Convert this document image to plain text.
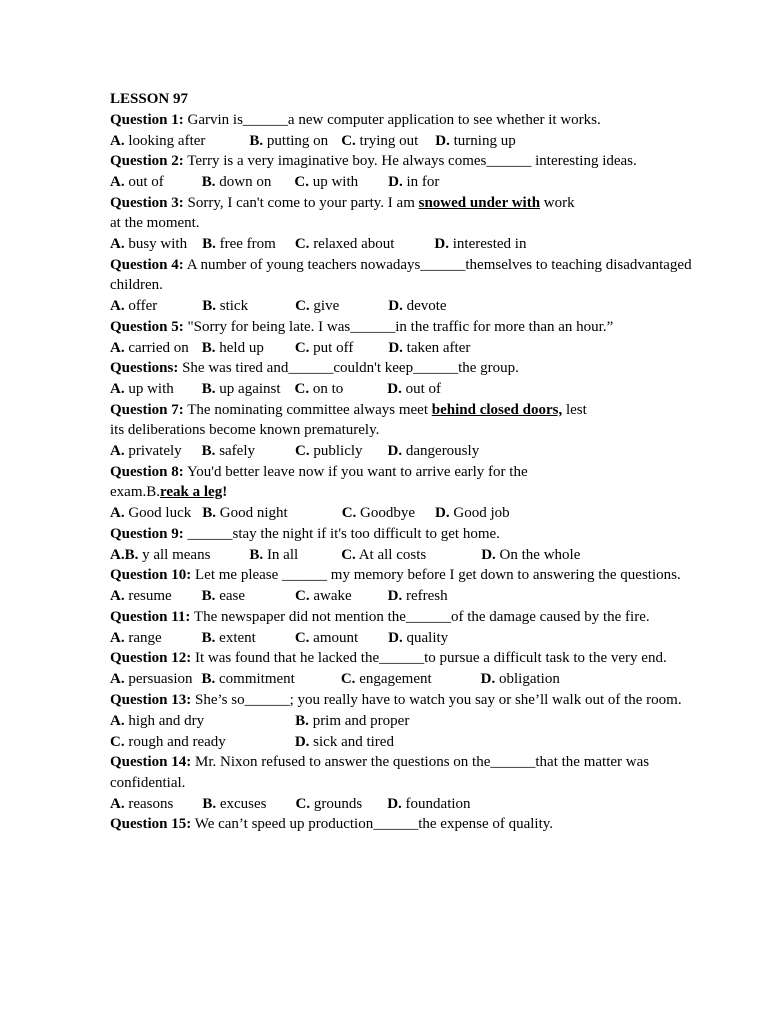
LESSON 97

Question 1: Garvin is______a new computer application to see whether it works.

A. looking after	B. putting on C. trying out D. turning up

Question 2: Terry is a very imaginative boy. He always comes______ interesting ideas.

A. out of	B. down on C. up with D. in for

Question 3: Sorry, I can't come to your party. I am snowed under with work
at the moment.

A. busy with B. free from C. relaxed about	D. interested in

Question 4: A number of young teachers nowadays______themselves to teaching disadvantaged children.

A. offer	B. stick	C. give	D. devote

Question 5: "Sorry for being late. I was______in the traffic for more than an hour.”

A. carried on B. held up C. put off D. taken after

Questions: She was tired and______couldn't keep______the group.

A. up with B. up against C. on to	D. out of

Question 7: The nominating committee always meet behind closed doors, lest
its deliberations become known prematurely.

A. privately B. safely	C. publicly D. dangerously

Question 8: You'd better leave now if you want to arrive early for the
exam.B.reak a leg!

A. Good luck B. Good night	C. Goodbye D. Good job

Question 9: ______stay the night if it's too difficult to get home.

A.B. y all means	B. In all	C. At all costs	D. On the whole

Question 10: Let me please ______ my memory before I get down to answering the questions.

A. resume B. ease	C. awake D. refresh

Question 11: The newspaper did not mention the______of the damage caused by the fire.

A. range	B. extent	C. amount D. quality

Question 12: It was found that he lacked the______to pursue a difficult task to the very end.

A. persuasion B. commitment	C. engagement	D. obligation

Question 13: She’s so______; you really have to watch you say or she’ll walk out of the room.

A. high and dry	B. prim and proper
C. rough and ready	D. sick and tired

Question 14: Mr. Nixon refused to answer the questions on the______that the matter was confidential.

A. reasons B. excuses C. grounds D. foundation

Question 15: We can’t speed up production______the expense of quality.
